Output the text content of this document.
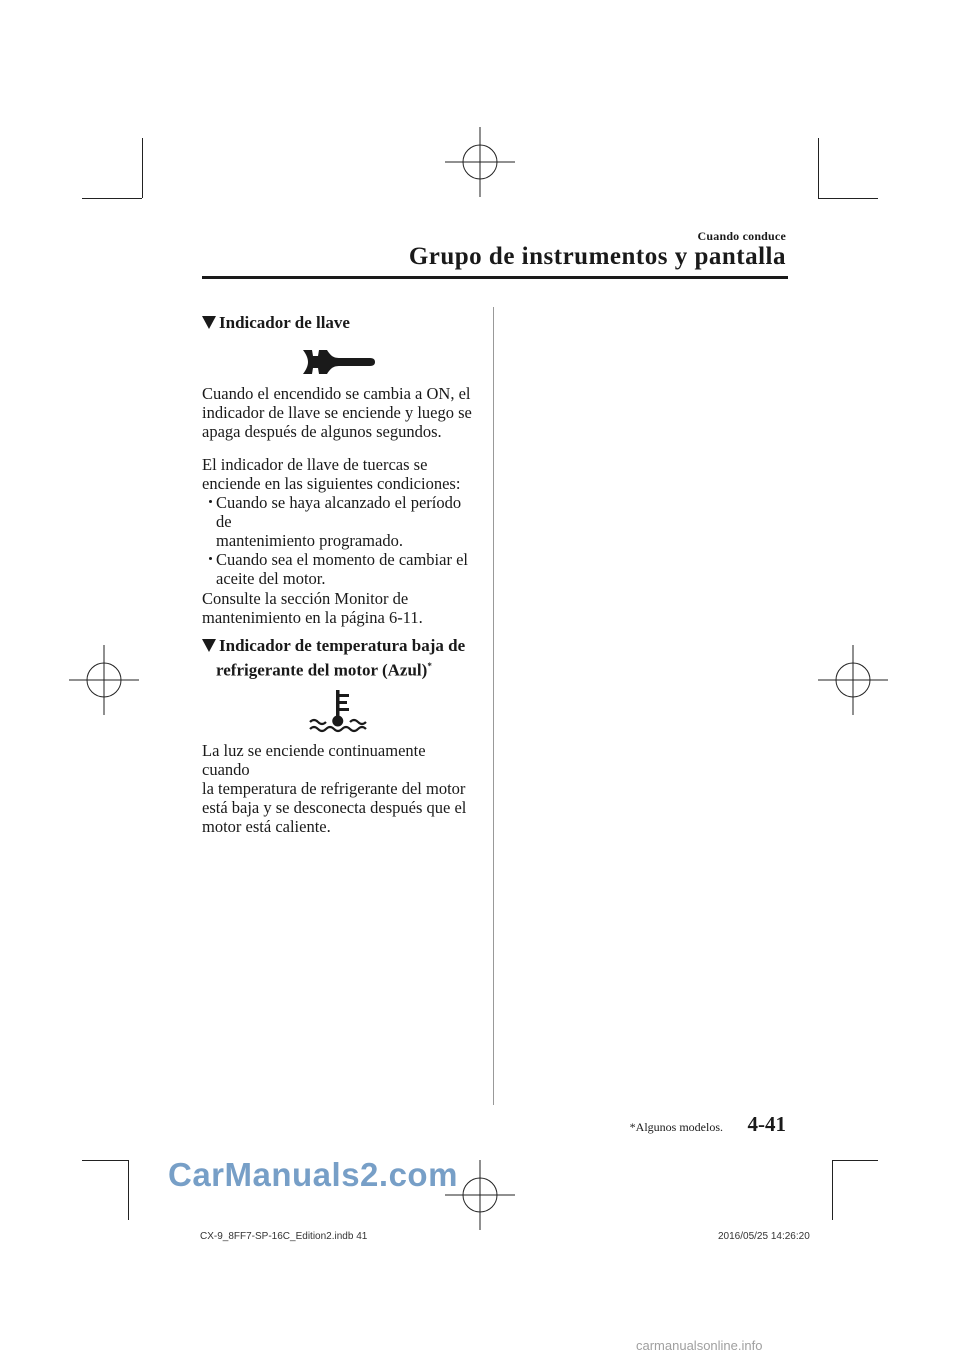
Cuando conduce
Grupo de instrumentos y pantalla
Indicador de llave
Cuando el encendido se cambia a ON, el
indicador de llave se enciende y luego se
apaga después de algunos segundos.
El indicador de llave de tuercas se
enciende en las siguientes condiciones:
Cuando se haya alcanzado el período de
mantenimiento programado.
Cuando sea el momento de cambiar el
aceite del motor.
Consulte la sección Monitor de
mantenimiento en la página 6-11.
Indicador de temperatura baja de
refrigerante del motor (Azul)*
La luz se enciende continuamente cuando
la temperatura de refrigerante del motor
está baja y se desconecta después que el
motor está caliente.
*Algunos modelos. 4-41
CarManuals2.com
CX-9_8FF7-SP-16C_Edition2.indb 41	2016/05/25 14:26:20
carmanualsonline.info
